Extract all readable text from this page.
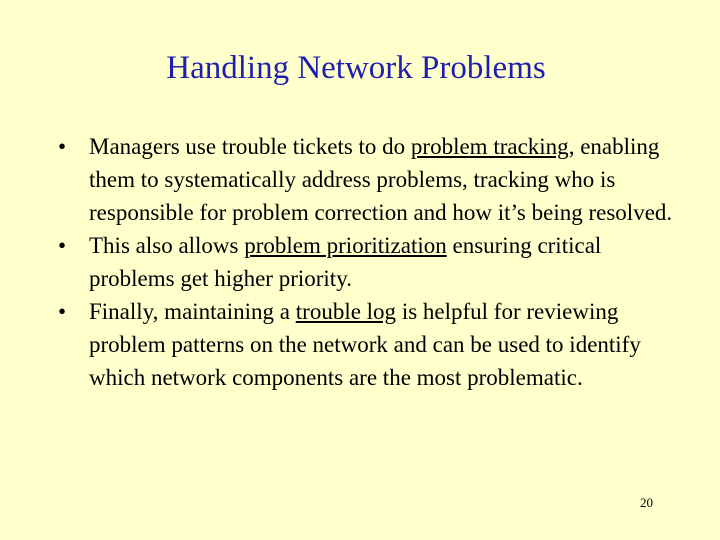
Handling Network Problems
• Managers use trouble tickets to do problem tracking, enabling them to systematically address problems, tracking who is responsible for problem correction and how it’s being resolved.
• This also allows problem prioritization ensuring critical problems get higher priority.
• Finally, maintaining a trouble log is helpful for reviewing problem patterns on the network and can be used to identify which network components are the most problematic.
20
